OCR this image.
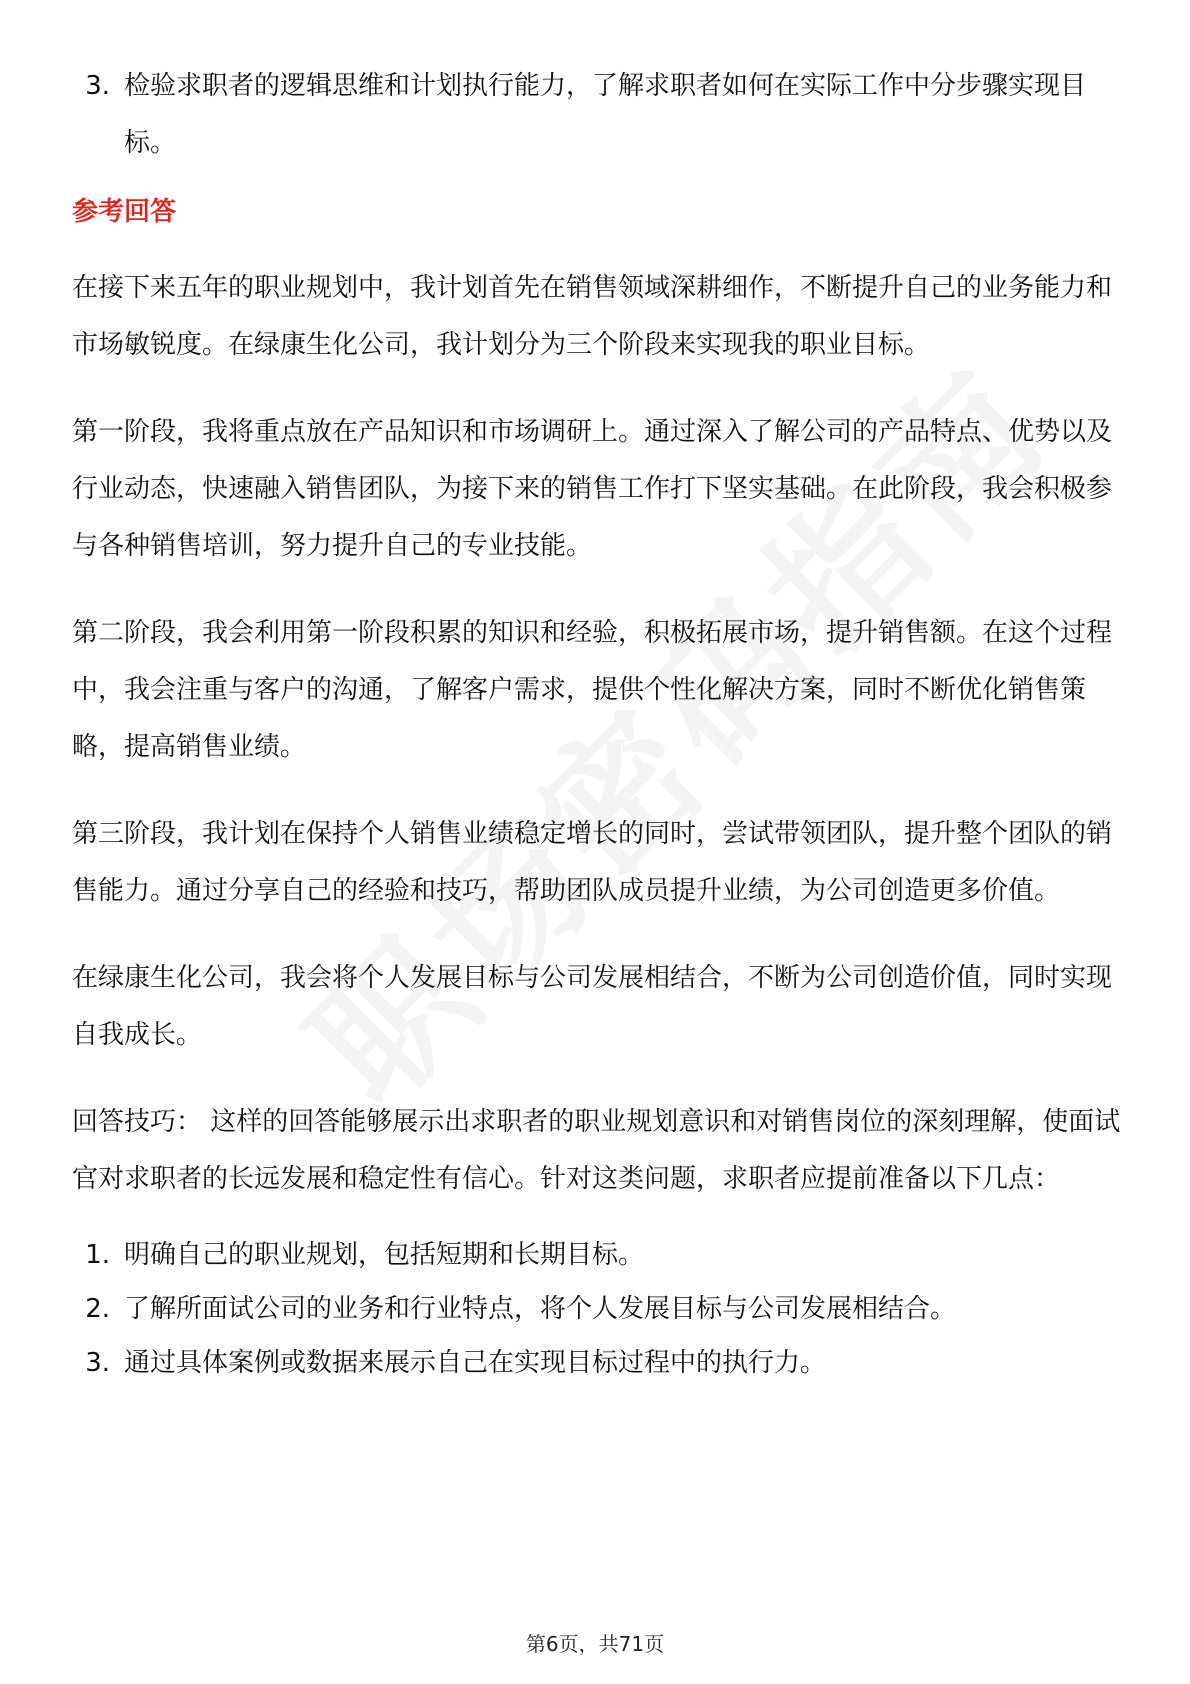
3. 检验求职者的逻辑思维和计划执行能力，了解求职者如何在实际工作中分步骤实现目标。
参考回答

在接下来五年的职业规划中，我计划首先在销售领域深耕细作，不断提升自己的业务能力和市场敏锐度。在绿康生化公司，我计划分为三个阶段来实现我的职业目标。

第一阶段，我将重点放在产品知识和市场调研上。通过深入了解公司的产品特点、优势以及行业动态，快速融入销售团队，为接下来的销售工作打下坚实基础。在此阶段，我会积极参与各种销售培训，努力提升自己的专业技能。

第二阶段，我会利用第一阶段积累的知识和经验，积极拓展市场，提升销售额。在这个过程中，我会注重与客户的沟通，了解客户需求，提供个性化解决方案，同时不断优化销售策略，提高销售业绩。

第三阶段，我计划在保持个人销售业绩稳定增长的同时，尝试带领团队，提升整个团队的销售能力。通过分享自己的经验和技巧，帮助团队成员提升业绩，为公司创造更多价值。

在绿康生化公司，我会将个人发展目标与公司发展相结合，不断为公司创造价值，同时实现自我成长。

回答技巧： 这样的回答能够展示出求职者的职业规划意识和对销售岗位的深刻理解，使面试官对求职者的长远发展和稳定性有信心。针对这类问题，求职者应提前准备以下几点：

1. 明确自己的职业规划，包括短期和长期目标。
2. 了解所面试公司的业务和行业特点，将个人发展目标与公司发展相结合。
3. 通过具体案例或数据来展示自己在实现目标过程中的执行力。
第6页，共71页
